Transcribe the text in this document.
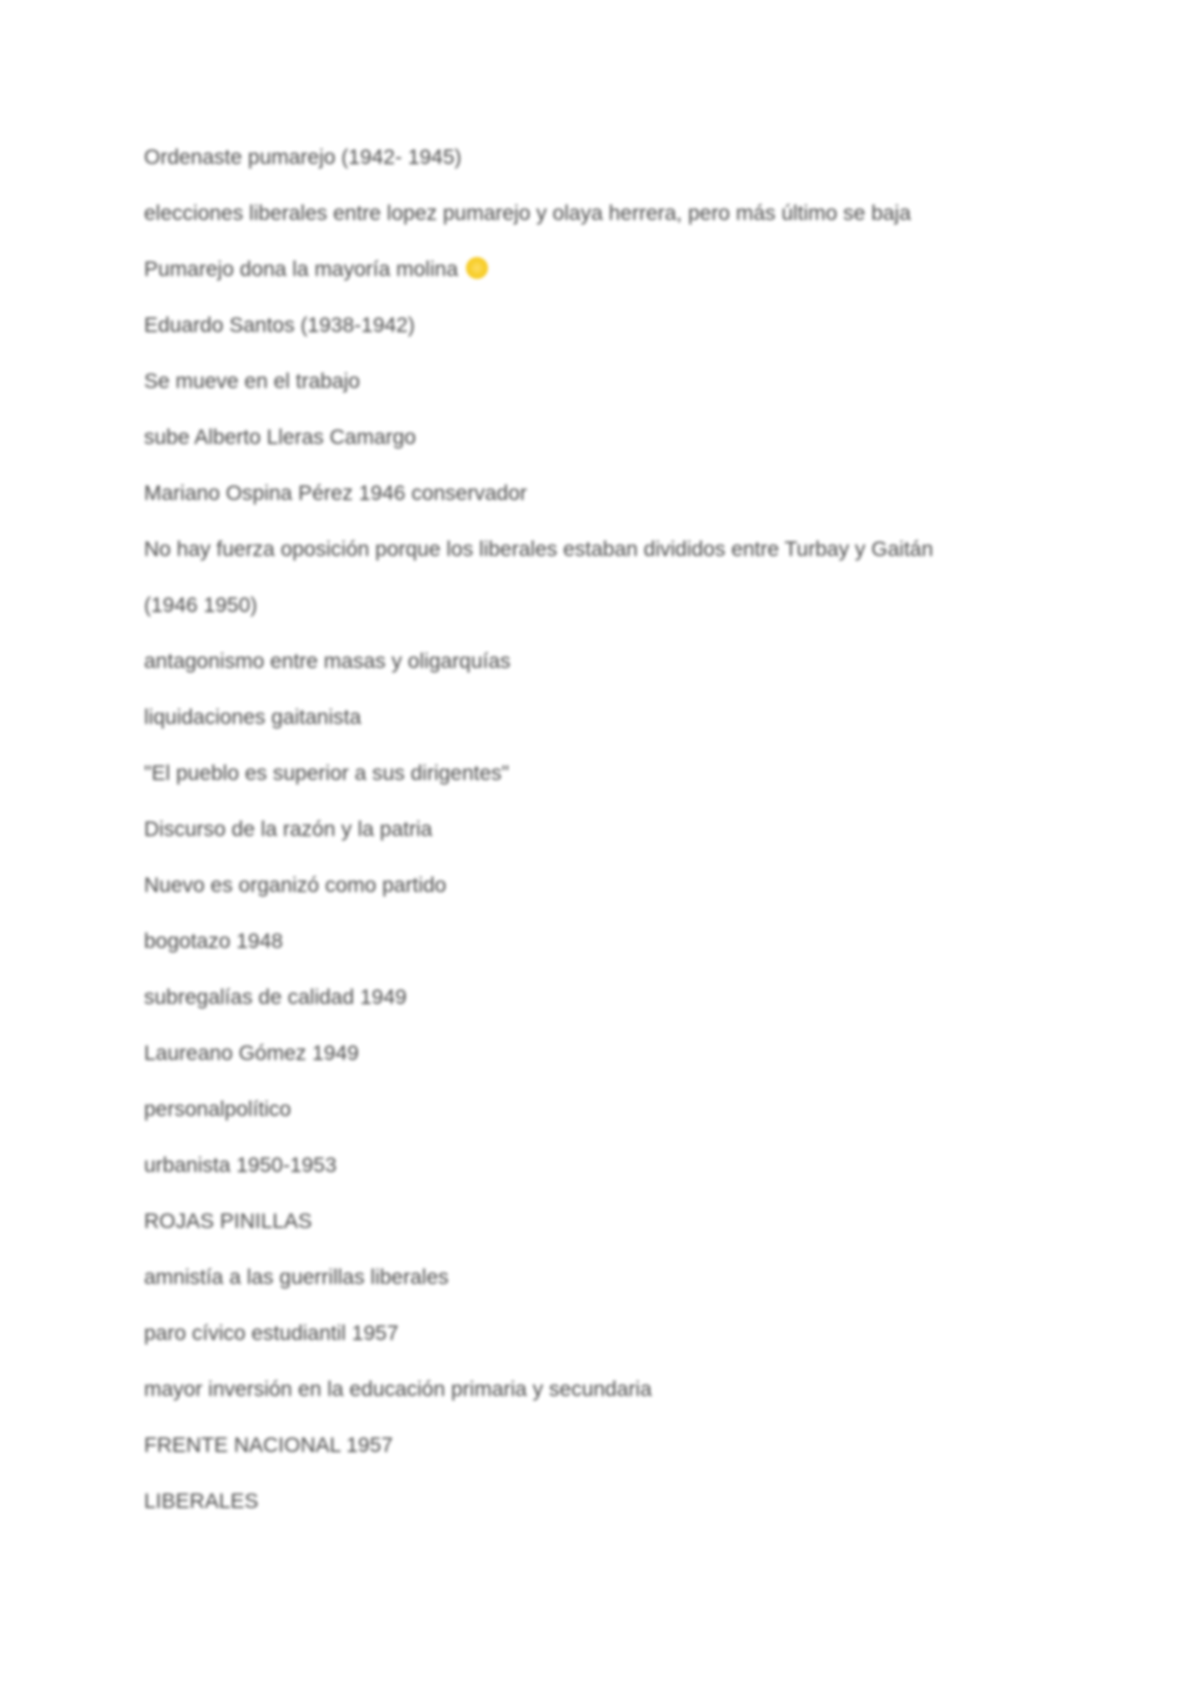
Ordenaste pumarejo (1942- 1945)
elecciones liberales entre lopez pumarejo y olaya herrera, pero más último se baja
Pumarejo dona la mayoría molina
Eduardo Santos (1938-1942)
Se mueve en el trabajo
sube Alberto Lleras Camargo
Mariano Ospina Pérez 1946 conservador
No hay fuerza oposición porque los liberales estaban divididos entre Turbay y Gaitán
(1946 1950)
antagonismo entre masas y oligarquías
liquidaciones gaitanista
"El pueblo es superior a sus dirigentes"
Discurso de la razón y la patria
Nuevo es organizó como partido
bogotazo 1948
subregalías de calidad 1949
Laureano Gómez 1949
personalpolítico
urbanista 1950-1953
ROJAS PINILLAS
amnistía a las guerrillas liberales
paro cívico estudiantil 1957
mayor inversión en la educación primaria y secundaria
FRENTE NACIONAL 1957
LIBERALES
